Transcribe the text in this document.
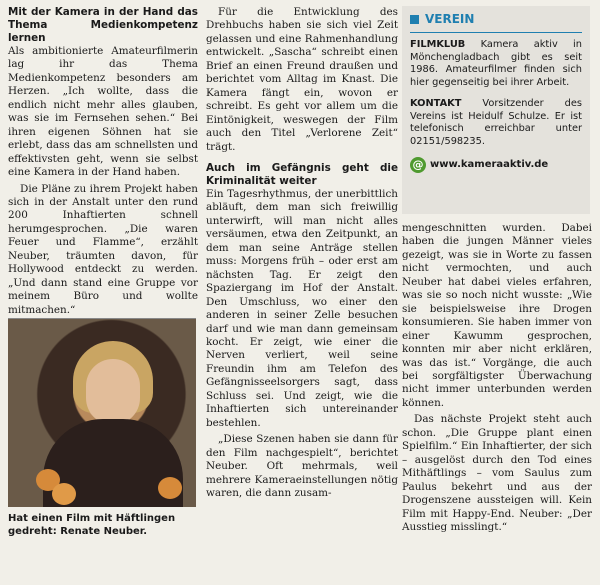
Mit der Kamera in der Hand das Thema Medienkompetenz lernen

Als ambitionierte Amateurfilmerin lag ihr das Thema Medienkompetenz besonders am Herzen. „Ich wollte, dass die endlich nicht mehr alles glauben, was sie im Fernsehen sehen.“ Bei ihren eigenen Söhnen hat sie erlebt, dass das am schnellsten und effektivsten geht, wenn sie selbst eine Kamera in der Hand haben.

Die Pläne zu ihrem Projekt haben sich in der Anstalt unter den rund 200 Inhaftierten schnell herumgesprochen. „Die waren Feuer und Flamme“, erzählt Neuber, träumten davon, für Hollywood entdeckt zu werden. „Und dann stand eine Gruppe vor meinem Büro und wollte mitmachen.“

Hat einen Film mit Häftlingen gedreht: Renate Neuber.

Für die Entwicklung des Drehbuchs haben sie sich viel Zeit gelassen und eine Rahmenhandlung entwickelt. „Sascha“ schreibt einen Brief an einen Freund draußen und berichtet vom Alltag im Knast. Die Kamera fängt ein, wovon er schreibt. Es geht vor allem um die Eintönigkeit, weswegen der Film auch den Titel „Verlorene Zeit“ trägt.

Auch im Gefängnis geht die Kriminalität weiter

Ein Tagesrhythmus, der unerbittlich abläuft, dem man sich freiwillig unterwirft, will man nicht alles versäumen, etwa den Zeitpunkt, an dem man seine Anträge stellen muss: Morgens früh – oder erst am nächsten Tag. Er zeigt den Spaziergang im Hof der Anstalt. Den Umschluss, wo einer den anderen in seiner Zelle besuchen darf und wie man dann gemeinsam kocht. Er zeigt, wie einer die Nerven verliert, weil seine Freundin ihm am Telefon des Gefängnisseelsorgers sagt, dass Schluss sei. Und zeigt, wie die Inhaftierten sich untereinander bestehlen.

„Diese Szenen haben sie dann für den Film nachgespielt“, berichtet Neuber. Oft mehrmals, weil mehrere Kameraeinstellungen nötig waren, die dann zusam-

VEREIN

FILMKLUB Kamera aktiv in Mönchengladbach gibt es seit 1986. Amateurfilmer finden sich hier gegenseitig bei ihrer Arbeit.

KONTAKT Vorsitzender des Vereins ist Heidulf Schulze. Er ist telefonisch erreichbar unter 02151/598235.

@ www.kameraaktiv.de

mengeschnitten wurden. Dabei haben die jungen Männer vieles gezeigt, was sie in Worte zu fassen nicht vermochten, und auch Neuber hat dabei vieles erfahren, was sie so noch nicht wusste: „Wie sie beispielsweise ihre Drogen konsumieren. Sie haben immer von einer Kawumm gesprochen, konnten mir aber nicht erklären, was das ist.“ Vorgänge, die auch bei sorgfältigster Überwachung nicht immer unterbunden werden können.

Das nächste Projekt steht auch schon. „Die Gruppe plant einen Spielfilm.“ Ein Inhaftierter, der sich – ausgelöst durch den Tod eines Mithäftlings – vom Saulus zum Paulus bekehrt und aus der Drogenszene aussteigen will. Kein Film mit Happy-End. Neuber: „Der Ausstieg misslingt.“
